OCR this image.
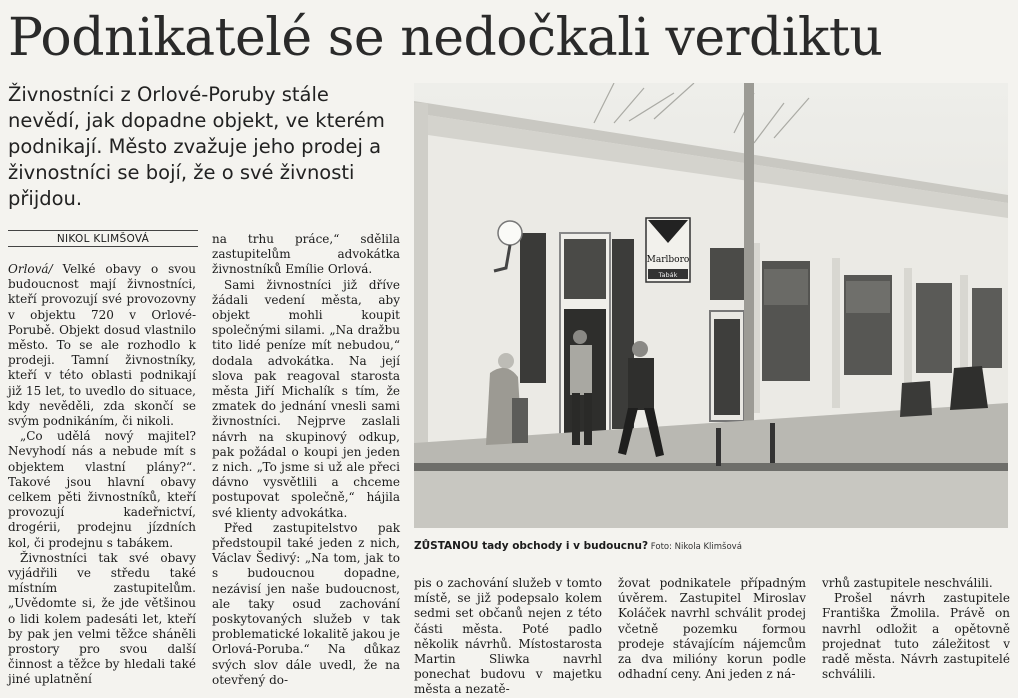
Podnikatelé se nedočkali verdiktu
Živnostníci z Orlové-Poruby stále nevědí, jak dopadne objekt, ve kterém podnikají. Město zvažuje jeho prodej a živnostníci se bojí, že o své živnosti přijdou.
NIKOL KLIMŠOVÁ

Orlová/ Velké obavy o svou budoucnost mají živnostníci, kteří provozují své provozovny v objektu 720 v Orlové-Porubě. Objekt dosud vlastnilo město. To se ale rozhodlo k prodeji. Tamní živnostníky, kteří v této oblasti podnikají již 15 let, to uvedlo do situace, kdy nevěděli, zda skončí se svým podnikáním, či nikoli.

„Co udělá nový majitel? Nevyhodí nás a nebude mít s objektem vlastní plány?“. Takové jsou hlavní obavy celkem pěti živnostníků, kteří provozují kadeřnictví, drogérii, prodejnu jízdních kol, či prodejnu s tabákem.

Živnostníci tak své obavy vyjádřili ve středu také místním zastupitelům. „Uvědomte si, že jde většinou o lidi kolem padesáti let, kteří by pak jen velmi těžce sháněli prostory pro svou další činnost a těžce by hledali také jiné uplatnění

na trhu práce,“ sdělila zastupitelům advokátka živnostníků Emílie Orlová.

Sami živnostníci již dříve žádali vedení města, aby objekt mohli koupit společnými silami. „Na dražbu tito lidé peníze mít nebudou,“ dodala advokátka. Na její slova pak reagoval starosta města Jiří Michalík s tím, že zmatek do jednání vnesli sami živnostníci. Nejprve zaslali návrh na skupinový odkup, pak požádal o koupi jen jeden z nich. „To jsme si už ale přeci dávno vysvětlili a chceme postupovat společně,“ hájila své klienty advokátka.

Před zastupitelstvo pak předstoupil také jeden z nich, Václav Šedivý: „Na tom, jak to s budoucnou dopadne, nezávisí jen naše budoucnost, ale taky osud zachování poskytovaných služeb v tak problematické lokalitě jakou je Orlová-Poruba.“ Na důkaz svých slov dále uvedl, že na otevřený do-

Marlboro
Tabák
ZŮSTANOU tady obchody i v budoucnu? Foto: Nikola Klimšová

pis o zachování služeb v tomto místě, se již podepsalo kolem sedmi set občanů nejen z této části města. Poté padlo několik návrhů. Místostarosta Martin Sliwka navrhl ponechat budovu v majetku města a nezatě-

žovat podnikatele případným úvěrem. Zastupitel Miroslav Koláček navrhl schválit prodej včetně pozemku formou prodeje stávajícím nájemcům za dva milióny korun podle odhadní ceny. Ani jeden z ná-

vrhů zastupitele neschválili.

Prošel návrh zastupitele Františka Žmolila. Právě on navrhl odložit a opětovně projednat tuto záležitost v radě města. Návrh zastupitelé schválili.
